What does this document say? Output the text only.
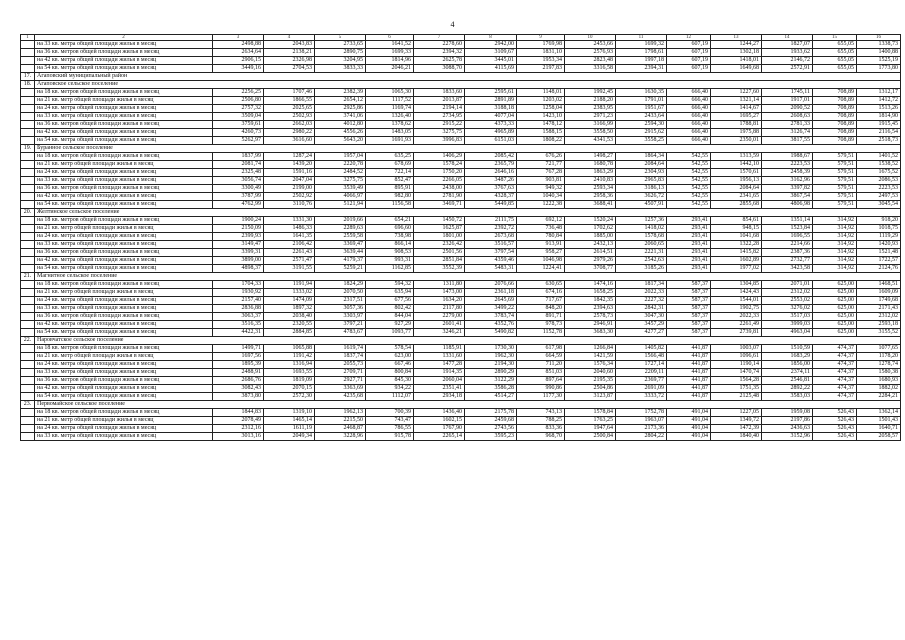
4
1	2	3	4	5	6	7	8	9	10	11	12	13	14	15	16
	на 33 кв. метра общей площади жилья в месяц	2498,88	2043,83	2733,65	1641,52	2278,60	2942,00	1769,98	2453,66	1699,32	607,19	1244,27	1827,07	655,05	1338,73
	на 36 кв. метров общей площади жилья в месяц	2634,64	2138,21	2890,75	1699,33	2394,32	3109,67	1831,10	2576,93	1798,61	607,19	1302,18	1933,62	655,05	1400,88
	на 42 кв. метра общей площади жилья в месяц	2906,15	2326,98	3204,95	1814,96	2625,78	3445,01	1953,34	2823,48	1997,18	607,19	1418,01	2146,72	655,05	1525,19
	на 54 кв. метра общей площади жилья в месяц	3449,16	2704,53	3833,33	2046,21	3088,70	4115,69	2197,83	3316,58	2394,31	607,19	1649,68	2572,91	655,05	1773,80
17.	Агаповский муниципальный район														
18.	Агаповское сельское поселение														
	на 18 кв. метров общей площади жилья в месяц	2256,25	1707,46	2382,39	1065,30	1833,60	2595,61	1148,01	1992,45	1630,35	666,40	1227,60	1745,11	708,89	1312,17
	на 21 кв. метр общей площади жилья в месяц	2506,80	1866,55	2654,12	1117,52	2013,87	2891,89	1203,02	2188,20	1791,01	666,40	1321,14	1917,01	708,89	1412,72
	на 24 кв. метра общей площади жилья в месяц	2757,32	2025,65	2925,86	1169,74	2194,14	3188,18	1258,04	2383,95	1951,67	666,40	1414,67	2090,52	708,89	1513,26
	на 33 кв. метра общей площади жилья в месяц	3509,04	2502,93	3741,06	1326,40	2734,95	4077,04	1423,10	2971,23	2433,64	666,40	1695,27	2608,63	708,89	1814,90
	на 36 кв. метров общей площади жилья в месяц	3759,61	2662,03	4012,80	1378,62	2915,22	4373,33	1478,12	3166,99	2594,30	666,40	1788,81	2781,33	708,89	1915,45
	на 42 кв. метра общей площади жилья в месяц	4260,73	2980,22	4556,26	1483,05	3275,75	4965,89	1588,15	3558,50	2915,62	666,40	1975,88	3126,74	708,89	2116,54
	на 54 кв. метра общей площади жилья в месяц	5262,97	3616,60	5643,20	1691,93	3996,83	6151,03	1808,22	4341,53	3558,25	666,40	2350,01	3817,55	708,89	2518,73
19.	Буранное сельское поселение														
	на 18 кв. метров общей площади жилья в месяц	1837,99	1287,24	1957,04	635,25	1406,29	2085,42	676,26	1498,27	1864,34	542,55	1313,59	1988,67	579,51	1401,52
	на 21 кв. метр общей площади жилья в месяц	2081,74	1439,20	2220,78	678,69	1578,24	2365,79	721,77	1680,78	2084,64	542,55	1442,10	2223,53	579,51	1538,52
	на 24 кв. метра общей площади жилья в месяц	2325,48	1591,16	2484,52	722,14	1750,20	2646,16	767,28	1863,29	2304,93	542,55	1570,61	2458,39	579,51	1675,52
	на 33 кв. метра общей площади жилья в месяц	3056,74	2047,04	3275,75	852,47	2266,05	3487,26	903,81	2410,83	2965,83	542,55	1956,13	3162,96	579,51	2086,53
	на 36 кв. метров общей площади жилья в месяц	3300,49	2199,00	3539,49	895,91	2438,00	3767,63	949,32	2593,34	3186,13	542,55	2084,64	3397,82	579,51	2223,53
	на 42 кв. метра общей площади жилья в месяц	3787,99	2502,92	4066,97	982,80	2781,90	4328,37	1040,34	2958,36	3626,72	542,55	2341,65	3867,54	579,51	2497,53
	на 54 кв. метра общей площади жилья в месяц	4762,99	3110,76	5121,94	1156,58	3469,71	5449,85	1222,38	3688,41	4507,91	542,55	2855,68	4806,98	579,51	3045,54
20.	Желтинское сельское поселение														
	на 18 кв. метров общей площади жилья в месяц	1900,24	1331,30	2019,66	654,21	1450,72	2111,75	692,12	1520,24	1257,36	293,41	854,61	1351,14	314,92	918,20
	на 21 кв. метр общей площади жилья в месяц	2150,09	1486,33	2289,63	696,60	1625,87	2392,72	736,48	1702,62	1418,02	293,41	948,15	1523,84	314,92	1018,75
	на 24 кв. метра общей площади жилья в месяц	2399,93	1641,35	2559,58	738,98	1801,00	2673,68	780,84	1885,00	1578,68	293,41	1041,68	1696,55	314,92	1119,29
	на 33 кв. метра общей площади жилья в месяц	3149,47	2106,42	3369,47	866,14	2326,42	3516,57	913,91	2432,13	2060,65	293,41	1322,28	2214,66	314,92	1420,93
	на 36 кв. метров общей площади жилья в месяц	3399,31	2261,43	3639,44	908,53	2501,56	3797,54	958,27	2614,51	2221,31	293,41	1415,82	2387,36	314,92	1521,48
	на 42 кв. метра общей площади жилья в месяц	3899,00	2571,47	4179,37	993,31	2851,84	4359,46	1046,98	2979,26	2542,63	293,41	1602,89	2732,77	314,92	1722,57
	на 54 кв. метра общей площади жилья в месяц	4898,37	3191,55	5259,21	1162,85	3552,39	5483,31	1224,41	3708,77	3185,26	293,41	1977,02	3423,58	314,92	2124,76
21.	Магнитное сельское поселение														
	на 18 кв. метров общей площади жилья в месяц	1704,33	1191,94	1824,29	594,32	1311,80	2076,66	630,65	1474,16	1817,34	587,37	1304,85	2071,01	625,00	1468,51
	на 21 кв. метр общей площади жилья в месяц	1930,92	1333,02	2070,50	635,94	1473,00	2361,18	674,16	1658,25	2022,33	587,37	1424,43	2312,02	625,00	1609,09
	на 24 кв. метра общей площади жилья в месяц	2157,40	1474,09	2317,51	677,56	1634,20	2645,69	717,67	1842,35	2227,32	587,37	1544,01	2553,02	625,00	1749,68
	на 33 кв. метра общей площади жилья в месяц	2836,88	1897,32	3057,36	802,42	2117,80	3499,22	848,20	2394,63	2842,31	587,37	1902,75	3276,02	625,00	2171,43
	на 36 кв. метров общей площади жилья в месяц	3063,37	2038,40	3303,97	844,04	2279,00	3783,74	891,71	2578,73	3047,30	587,37	2022,33	3517,03	625,00	2312,02
	на 42 кв. метра общей площади жилья в месяц	3516,35	2320,55	3797,21	927,29	2601,41	4352,76	978,73	2946,91	3457,29	587,37	2261,49	3999,03	625,00	2593,18
	на 54 кв. метра общей площади жилья в месяц	4422,31	2884,85	4783,67	1093,77	3246,21	5490,82	1152,78	3683,30	4277,27	587,37	2739,81	4963,04	625,00	3155,52
22.	Наровчатское сельское поселение														
	на 18 кв. метров общей площади жилья в месяц	1499,71	1065,88	1619,74	578,54	1185,91	1730,30	617,98	1266,84	1405,82	441,87	1003,07	1510,59	474,37	1077,65
	на 21 кв. метр общей площади жилья в месяц	1697,56	1191,42	1837,74	623,00	1331,60	1962,30	664,59	1421,59	1566,48	441,87	1096,61	1683,29	474,37	1178,20
	на 24 кв. метра общей площади жилья в месяц	1895,39	1316,94	2055,73	667,46	1477,28	2194,30	711,20	1576,34	1727,14	441,87	1190,14	1856,00	474,37	1278,74
	на 33 кв. метра общей площади жилья в месяц	2488,91	1693,55	2709,71	800,84	1914,35	2890,29	851,03	2040,60	2209,11	441,87	1470,74	2374,11	474,37	1580,38
	на 36 кв. метров общей площади жилья в месяц	2686,76	1819,09	2927,71	845,30	2060,04	3122,29	897,64	2195,35	2369,77	441,87	1564,28	2546,81	474,37	1680,93
	на 42 кв. метра общей площади жилья в месяц	3082,43	2070,15	3363,69	934,22	2351,41	3586,28	990,86	2504,86	2691,09	441,87	1751,35	2892,22	474,37	1882,02
	на 54 кв. метра общей площади жилья в месяц	3873,80	2572,30	4235,68	1112,07	2934,18	4514,27	1177,30	3123,87	3333,72	441,87	2125,48	3583,03	474,37	2284,21
23.	Первомайское сельское поселение														
	на 18 кв. метров общей площади жилья в месяц	1844,83	1319,10	1962,13	700,39	1436,40	2175,78	743,13	1578,84	1752,78	491,04	1227,05	1959,08	526,43	1362,14
	на 21 кв. метр общей площади жилья в месяц	2078,49	1465,14	2215,50	743,47	1602,15	2459,68	788,25	1763,25	1963,07	491,04	1349,72	2197,86	526,43	1501,43
	на 24 кв. метра общей площади жилья в месяц	2312,16	1611,19	2468,87	786,55	1767,90	2743,56	833,36	1947,64	2173,36	491,04	1472,39	2436,63	526,43	1640,71
	на 33 кв. метра общей площади жилья в месяц	3013,16	2049,34	3228,96	915,78	2265,14	3595,23	968,70	2500,84	2804,22	491,04	1840,40	3152,96	526,43	2058,57
